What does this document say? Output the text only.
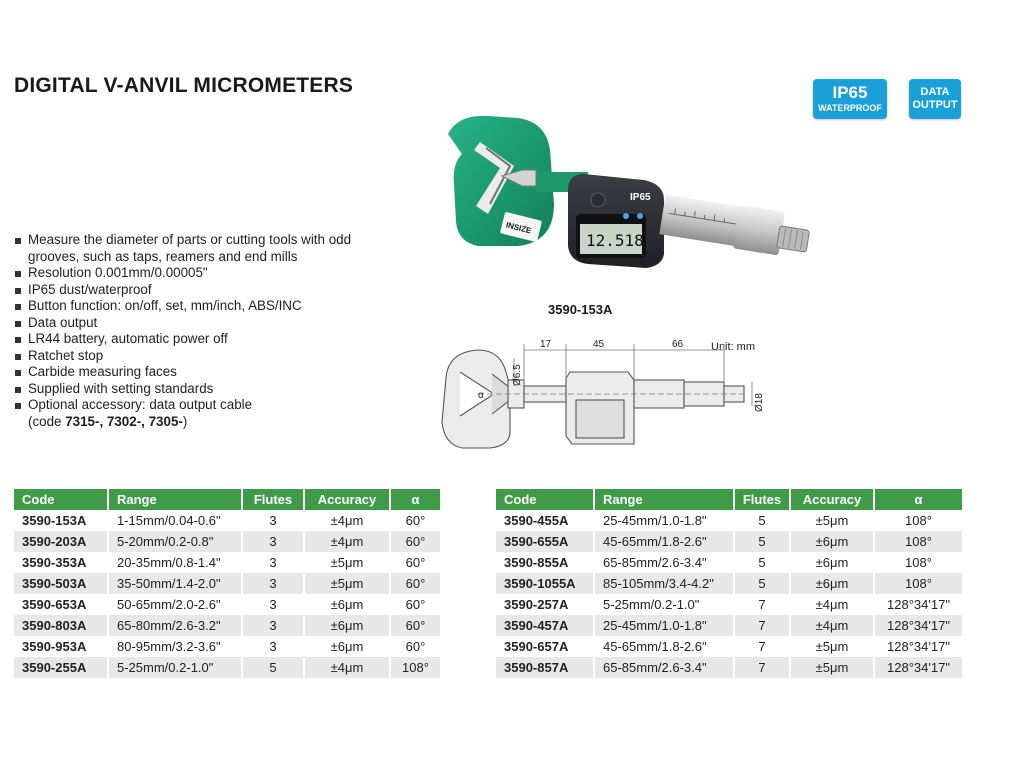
DIGITAL V-ANVIL MICROMETERS	IP65
WATERPROOF
DATA
OUTPUT
Measure the diameter of parts or cutting tools with odd grooves, such as taps, reamers and end mills
Resolution 0.001mm/0.00005"
IP65 dust/waterproof
Button function: on/off, set, mm/inch, ABS/INC
Data output
LR44 battery, automatic power off
Ratchet stop
Carbide measuring faces
Supplied with setting standards
Optional accessory: data output cable
(code 7315-, 7302-, 7305-)
INSIZE
12.518
IP65
3590-153A
Unit: mm
Ø6.5
17	45	66
Ø18
α
Code	Range	Flutes	Accuracy	α
3590-153A	1-15mm/0.04-0.6"	3	±4μm	60°
3590-203A	5-20mm/0.2-0.8"	3	±4μm	60°
3590-353A	20-35mm/0.8-1.4"	3	±5μm	60°
3590-503A	35-50mm/1.4-2.0"	3	±5μm	60°
3590-653A	50-65mm/2.0-2.6"	3	±6μm	60°
3590-803A	65-80mm/2.6-3.2"	3	±6μm	60°
3590-953A	80-95mm/3.2-3.6"	3	±6μm	60°
3590-255A	5-25mm/0.2-1.0"	5	±4μm	108°
Code	Range	Flutes	Accuracy	α
3590-455A	25-45mm/1.0-1.8"	5	±5μm	108°
3590-655A	45-65mm/1.8-2.6"	5	±6μm	108°
3590-855A	65-85mm/2.6-3.4"	5	±6μm	108°
3590-1055A	85-105mm/3.4-4.2"	5	±6μm	108°
3590-257A	5-25mm/0.2-1.0"	7	±4μm	128°34'17"
3590-457A	25-45mm/1.0-1.8"	7	±4μm	128°34'17"
3590-657A	45-65mm/1.8-2.6"	7	±5μm	128°34'17"
3590-857A	65-85mm/2.6-3.4"	7	±5μm	128°34'17"
